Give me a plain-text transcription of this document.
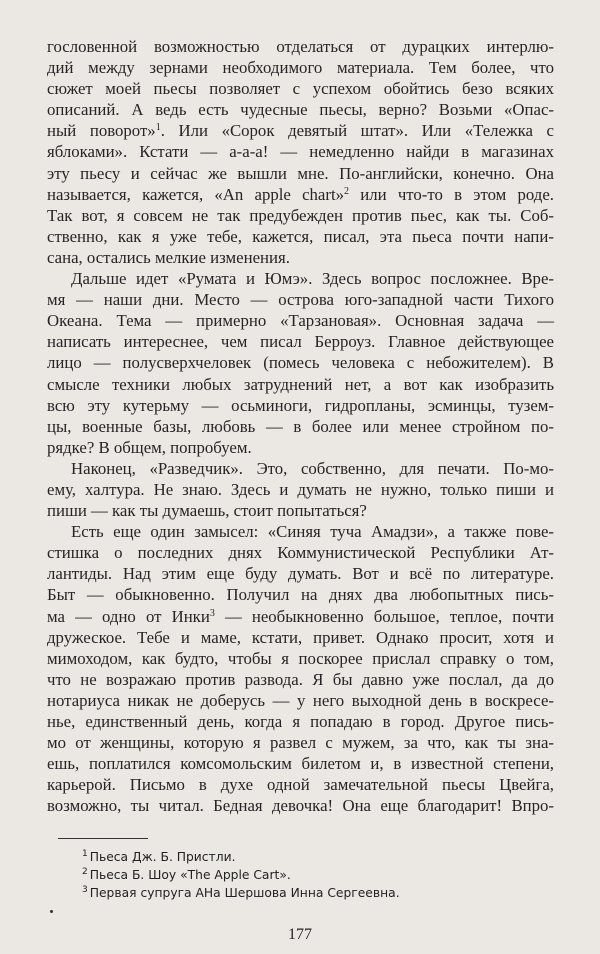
гословенной возможностью отделаться от дурацких интерлю-
дий между зернами необходимого материала. Тем более, что
сюжет моей пьесы позволяет с успехом обойтись безо всяких
описаний. А ведь есть чудесные пьесы, верно? Возьми «Опас-
ный поворот»$^1$. Или «Сорок девятый штат». Или «Тележка с
яблоками». Кстати — а-а-а! — немедленно найди в магазинах
эту пьесу и сейчас же вышли мне. По-английски, конечно. Она
называется, кажется, «An apple chart»$^2$ или что-то в этом роде.
Так вот, я совсем не так предубежден против пьес, как ты. Соб-
ственно, как я уже тебе, кажется, писал, эта пьеса почти напи-
сана, остались мелкие изменения.
Дальше идет «Румата и Юмэ». Здесь вопрос посложнее. Вре-
мя — наши дни. Место — острова юго-западной части Тихого
Океана. Тема — примерно «Тарзановая». Основная задача —
написать интереснее, чем писал Берроуз. Главное действующее
лицо — полусверхчеловек (помесь человека с небожителем). В
смысле техники любых затруднений нет, а вот как изобразить
всю эту кутерьму — осьминоги, гидропланы, эсминцы, тузем-
цы, военные базы, любовь — в более или менее стройном по-
рядке? В общем, попробуем.
Наконец, «Разведчик». Это, собственно, для печати. По-мо-
ему, халтура. Не знаю. Здесь и думать не нужно, только пиши и
пиши — как ты думаешь, стоит попытаться?
Есть еще один замысел: «Синяя туча Амадзи», а также пове-
стишка о последних днях Коммунистической Республики Ат-
лантиды. Над этим еще буду думать. Вот и всё по литературе.
Быт — обыкновенно. Получил на днях два любопытных пись-
ма — одно от Инки$^3$ — необыкновенно большое, теплое, почти
дружеское. Тебе и маме, кстати, привет. Однако просит, хотя и
мимоходом, как будто, чтобы я поскорее прислал справку о том,
что не возражаю против развода. Я бы давно уже послал, да до
нотариуса никак не доберусь — у него выходной день в воскресе-
нье, единственный день, когда я попадаю в город. Другое пись-
мо от женщины, которую я развел с мужем, за что, как ты зна-
ешь, поплатился комсомольским билетом и, в известной степени,
карьерой. Письмо в духе одной замечательной пьесы Цвейга,
возможно, ты читал. Бедная девочка! Она еще благодарит! Впро-
$^1$ Пьеса Дж. Б. Пристли.
$^2$ Пьеса Б. Шоу «The Apple Cart».
$^3$ Первая супруга АНа Шершова Инна Сергеевна.
177
